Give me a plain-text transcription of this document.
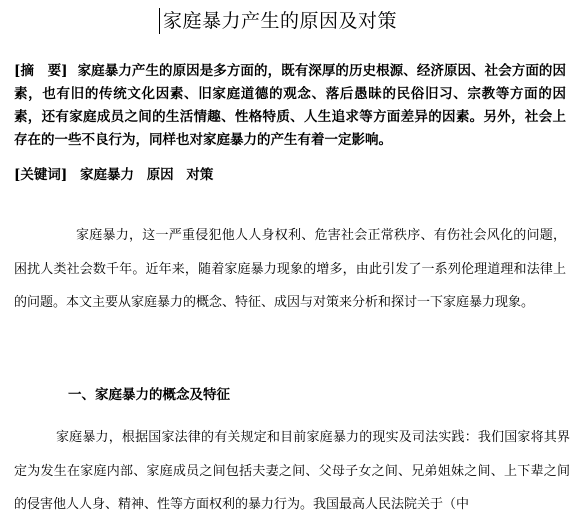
家庭暴力产生的原因及对策
[摘　要] 家庭暴力产生的原因是多方面的，既有深厚的历史根源、经济原因、社会方面的因素，也有旧的传统文化因素、旧家庭道德的观念、落后愚昧的民俗旧习、宗教等方面的因素，还有家庭成员之间的生活情趣、性格特质、人生追求等方面差异的因素。另外，社会上存在的一些不良行为，同样也对家庭暴力的产生有着一定影响。
[关键词] 家庭暴力 原因 对策
家庭暴力，这一严重侵犯他人人身权利、危害社会正常秩序、有伤社会风化的问题，困扰人类社会数千年。近年来，随着家庭暴力现象的增多，由此引发了一系列伦理道理和法律上的问题。本文主要从家庭暴力的概念、特征、成因与对策来分析和探讨一下家庭暴力现象。
一、家庭暴力的概念及特征
家庭暴力，根据国家法律的有关规定和目前家庭暴力的现实及司法实践：我们国家将其界定为发生在家庭内部、家庭成员之间包括夫妻之间、父母子女之间、兄弟姐妹之间、上下辈之间的侵害他人人身、精神、性等方面权利的暴力行为。我国最高人民法院关于（中
